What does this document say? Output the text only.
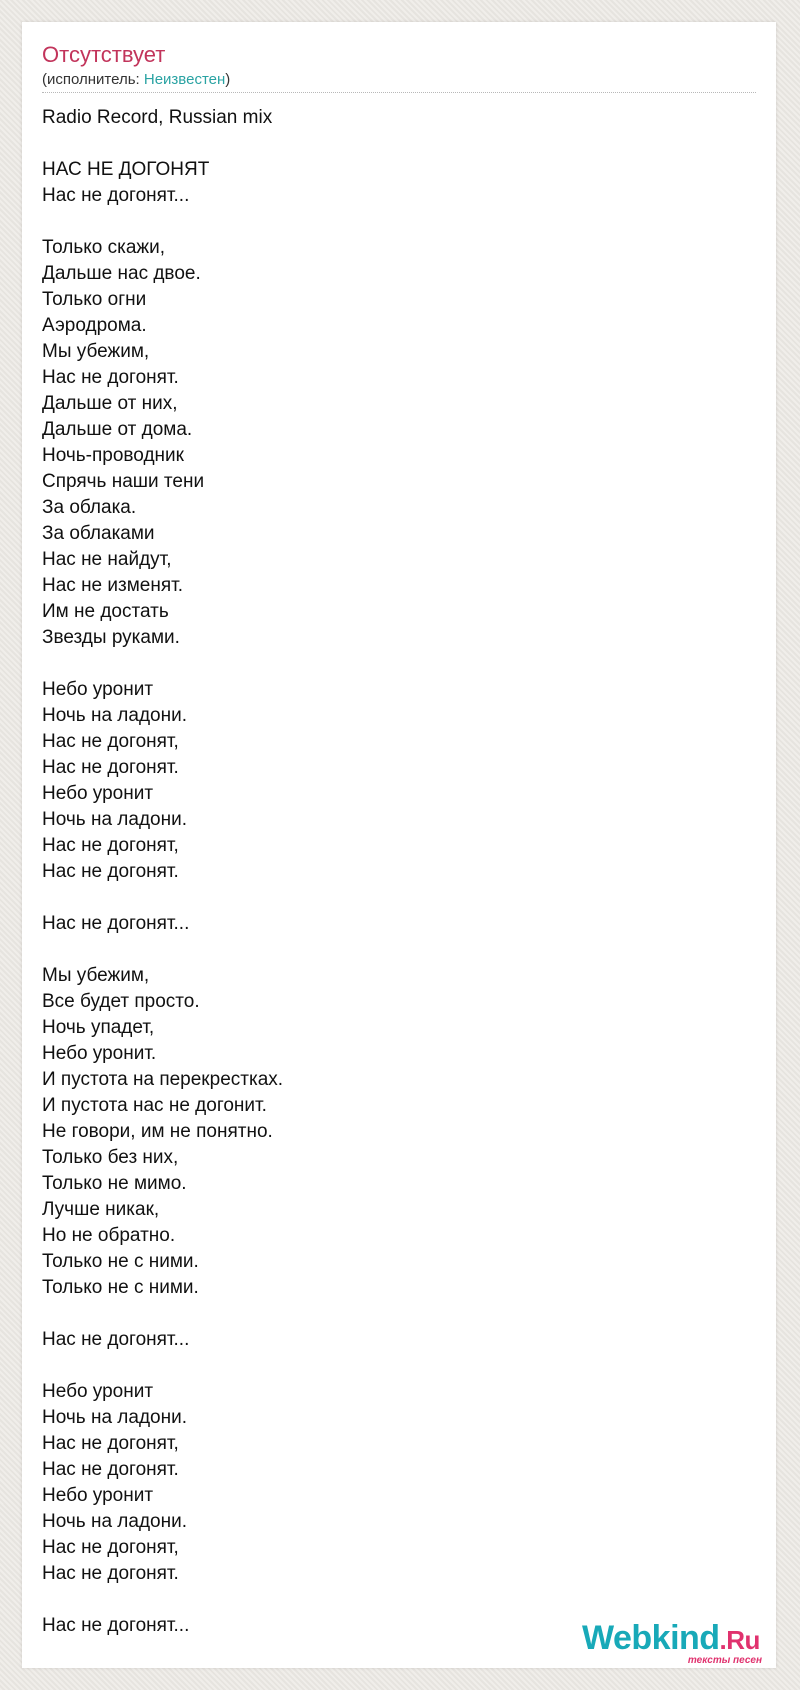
Отсутствует
(исполнитель: Неизвестен)
Radio Record, Russian mix

НАС НЕ ДОГОНЯТ
Нас не догонят...

Только скажи,
Дальше нас двое.
Только огни
Аэродрома.
Мы убежим,
Нас не догонят.
Дальше от них,
Дальше от дома.
Ночь-проводник
Спрячь наши тени
За облака.
За облаками
Нас не найдут,
Нас не изменят.
Им не достать
Звезды руками.

Небо уронит
Ночь на ладони.
Нас не догонят,
Нас не догонят.
Небо уронит
Ночь на ладони.
Нас не догонят,
Нас не догонят.

Нас не догонят...

Мы убежим,
Все будет просто.
Ночь упадет,
Небо уронит.
И пустота на перекрестках.
И пустота нас не догонит.
Не говори, им не понятно.
Только без них,
Только не мимо.
Лучше никак,
Но не обратно.
Только не с ними.
Только не с ними.

Нас не догонят...

Небо уронит
Ночь на ладони.
Нас не догонят,
Нас не догонят.
Небо уронит
Ночь на ладони.
Нас не догонят,
Нас не догонят.

Нас не догонят...	Webkind.Ru
тексты песен
